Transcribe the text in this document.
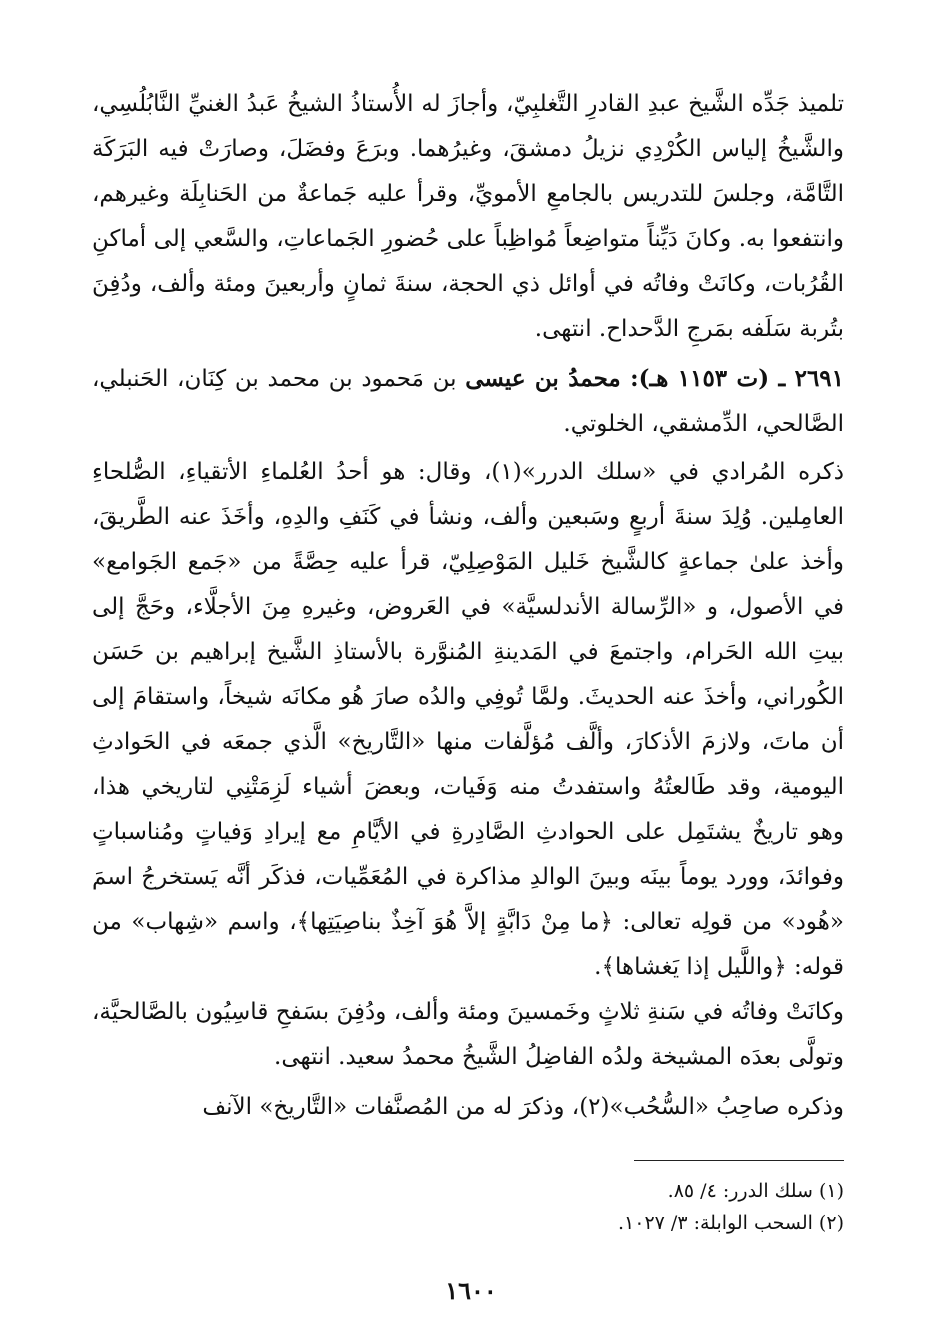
تلميذ جَدِّه الشَّيخ عبدِ القادرِ التَّغلبِيّ، وأجازَ له الأُستاذُ الشيخُ عَبدُ الغنيِّ النَّابُلُسِي، والشَّيخُ إلياس الكُرْدِي نزيلُ دمشقَ، وغيرُهما. وبرَعَ وفضَلَ، وصارَتْ فيه البَرَكَة التَّامَّة، وجلسَ للتدريس بالجامعِ الأمويِّ، وقرأ عليه جَماعةٌ من الحَنابِلَة وغيرهم، وانتفعوا به. وكانَ دَيِّناً متواضِعاً مُواظِباً على حُضورِ الجَماعاتِ، والسَّعي إلى أماكنِ القُرُبات، وكانَتْ وفاتُه في أوائل ذي الحجة، سنةَ ثمانٍ وأربعينَ ومئة وألف، ودُفِنَ بتُربة سَلَفه بمَرجِ الدَّحداح. انتهى.

٢٦٩١ ـ (ت ١١٥٣ هـ): محمدُ بن عيسى بن مَحمود بن محمد بن كِنَان، الحَنبلي، الصَّالحي، الدِّمشقي، الخلوتي.

ذكره المُرادي في «سلك الدرر»(١)، وقال: هو أحدُ العُلماءِ الأتقياءِ، الصُّلحاءِ العامِلين. وُلِدَ سنةَ أربعٍ وسَبعين وألف، ونشأ في كَنَفِ والدِهِ، وأخَذَ عنه الطَّريقَ، وأخذ علىٰ جماعةٍ كالشَّيخ خَليل المَوْصِلِيّ، قرأ عليه حِصَّةً من «جَمع الجَوامع» في الأصول، و «الرِّسالة الأندلسيَّة» في العَروض، وغيرهِ مِنَ الأجلَّاء، وحَجَّ إلى بيتِ الله الحَرام، واجتمعَ في المَدينةِ المُنوَّرة بالأستاذِ الشَّيخ إبراهيم بن حَسَن الكُوراني، وأخذَ عنه الحديثَ. ولمَّا تُوفِي والدُه صارَ هُو مكانَه شيخاً، واستقامَ إلى أن ماتَ، ولازمَ الأذكارَ، وألَّف مُؤلَّفات منها «التَّاريخ» الَّذي جمعَه في الحَوادثِ اليومية، وقد طَالعتُهُ واستفدتُ منه وَفَيات، وبعضَ أشياء لَزِمَتْنِي لتاريخي هذا، وهو تاريخٌ يشتَمِل على الحوادثِ الصَّادِرةِ في الأيَّامِ مع إيرادِ وَفياتٍ ومُناسباتٍ وفوائدَ، وورد يوماً بينَه وبينَ الوالدِ مذاكرة في المُعَمِّيات، فذكَر أنَّه يَستخرجُ اسمَ «هُود» من قولِه تعالى: ﴿ما مِنْ دَابَّةٍ إلاَّ هُوَ آخِذٌ بناصِيَتِها﴾، واسم «شِهاب» من قوله: ﴿واللَّيل إذا يَغشاها﴾.

وكانَتْ وفاتُه في سَنةِ ثلاثٍ وخَمسينَ ومئة وألف، ودُفِنَ بسَفحِ قاسِيُون بالصَّالحيَّة، وتولَّى بعدَه المشيخة ولدُه الفاضِلُ الشَّيخُ محمدُ سعيد. انتهى.

وذكره صاحِبُ «السُّحُب»(٢)، وذكرَ له من المُصنَّفات «التَّاريخ» الآنف

(١) سلك الدرر: ٤/ ٨٥.

(٢) السحب الوابلة: ٣/ ١٠٢٧.

١٦٠٠
